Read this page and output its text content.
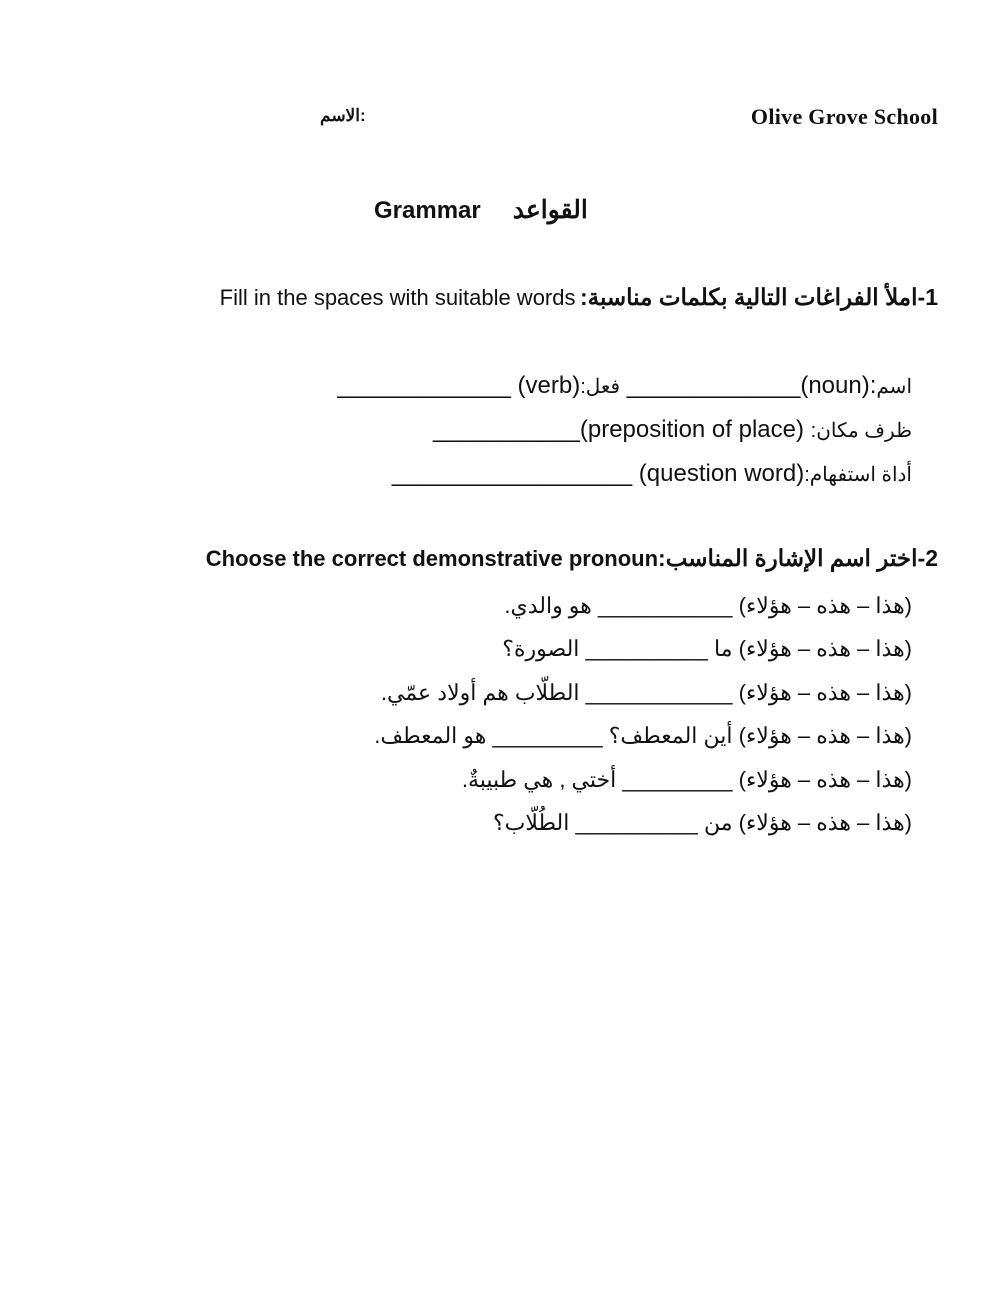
Olive Grove School
الاسم:
Grammar القواعد
1-املأ الفراغات التالية بكلمات مناسبة: Fill in the spaces with suitable words
اسم(noun):_____________ فعل:(verb) _____________
ظرف مكان: (preposition of place)___________
أداة استفهام:(question word) __________________
2-اختر اسم الإشارة المناسب:Choose the correct demonstrative pronoun
(هذا – هذه – هؤلاء) ___________ هو والدي.
(هذا – هذه – هؤلاء) ما __________ الصورة؟
(هذا – هذه – هؤلاء) ____________ الطلّاب هم أولاد عمّي.
(هذا – هذه – هؤلاء) أين المعطف؟ _________ هو المعطف.
(هذا – هذه – هؤلاء) _________ أختي , هي طبيبةٌ.
(هذا – هذه – هؤلاء) من __________ الطُلّاب؟
